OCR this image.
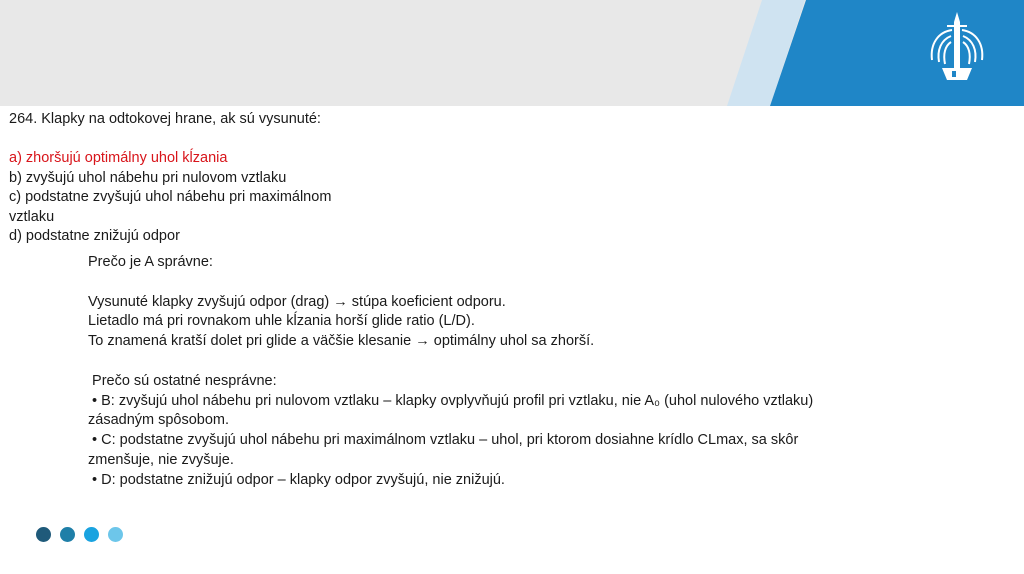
264. Klapky na odtokovej hrane, ak sú vysunuté:
a) zhoršujú optimálny uhol kĺzania
b) zvyšujú uhol nábehu pri nulovom vztlaku
c) podstatne zvyšujú uhol nábehu pri maximálnom
vztlaku
d) podstatne znižujú odpor
Prečo je A správne:
Vysunuté klapky zvyšujú odpor (drag) → stúpa koeficient odporu.
Lietadlo má pri rovnakom uhle kĺzania horší glide ratio (L/D).
To znamená kratší dolet pri glide a väčšie klesanie → optimálny uhol sa zhorší.
Prečo sú ostatné nesprávne:
• B: zvyšujú uhol nábehu pri nulovom vztlaku – klapky ovplyvňujú profil pri vztlaku, nie A₀ (uhol nulového vztlaku)
zásadným spôsobom.
• C: podstatne zvyšujú uhol nábehu pri maximálnom vztlaku – uhol, pri ktorom dosiahne krídlo CLmax, sa skôr
zmenšuje, nie zvyšuje.
• D: podstatne znižujú odpor – klapky odpor zvyšujú, nie znižujú.
